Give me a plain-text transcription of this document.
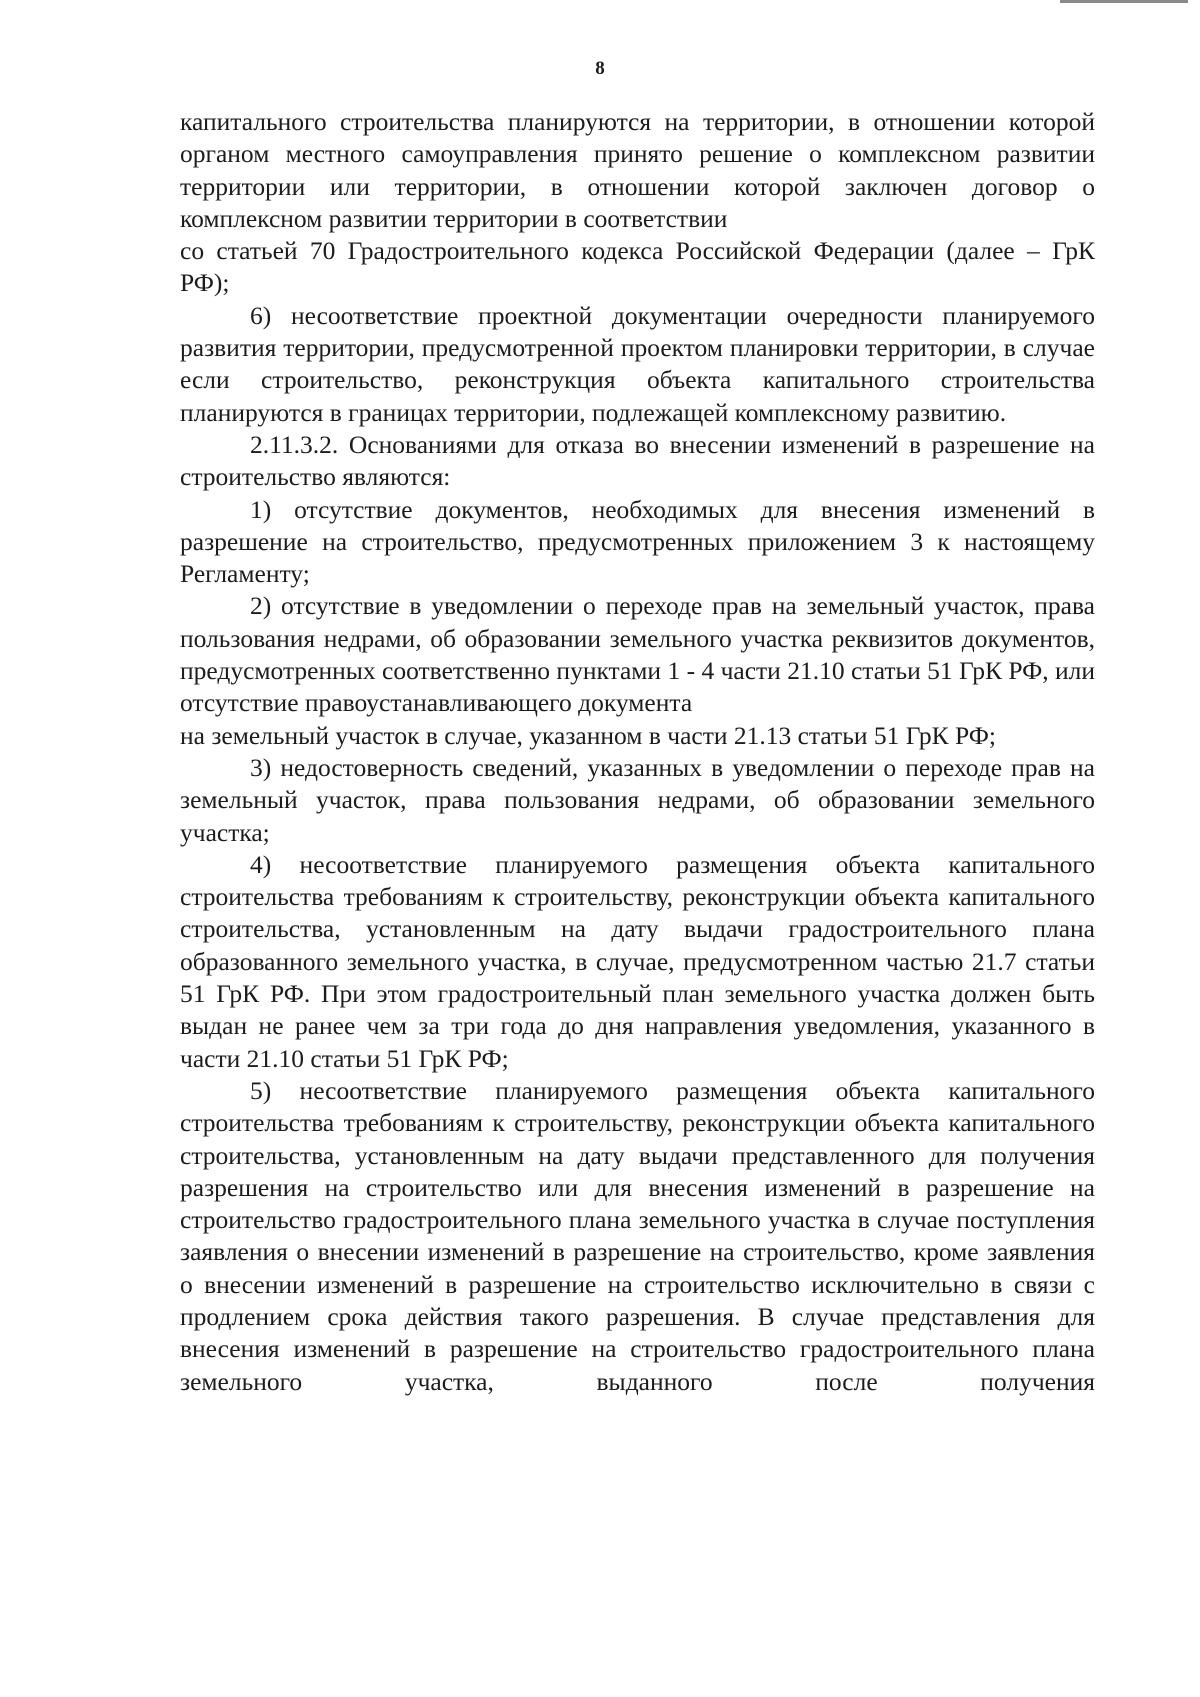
8

капитального строительства планируются на территории, в отношении которой органом местного самоуправления принято решение о комплексном развитии территории или территории, в отношении которой заключен договор о комплексном развитии территории в соответствии

со статьей 70 Градостроительного кодекса Российской Федерации (далее – ГрК РФ);

6) несоответствие проектной документации очередности планируемого развития территории, предусмотренной проектом планировки территории, в случае если строительство, реконструкция объекта капитального строительства планируются в границах территории, подлежащей комплексному развитию.

2.11.3.2. Основаниями для отказа во внесении изменений в разрешение на строительство являются:

1) отсутствие документов, необходимых для внесения изменений в разрешение на строительство, предусмотренных приложением 3 к настоящему Регламенту;

2) отсутствие в уведомлении о переходе прав на земельный участок, права пользования недрами, об образовании земельного участка реквизитов документов, предусмотренных соответственно пунктами 1 - 4 части 21.10 статьи 51 ГрК РФ, или отсутствие правоустанавливающего документа

на земельный участок в случае, указанном в части 21.13 статьи 51 ГрК РФ;

3) недостоверность сведений, указанных в уведомлении о переходе прав на земельный участок, права пользования недрами, об образовании земельного участка;

4) несоответствие планируемого размещения объекта капитального строительства требованиям к строительству, реконструкции объекта капитального строительства, установленным на дату выдачи градостроительного плана образованного земельного участка, в случае, предусмотренном частью 21.7 статьи 51 ГрК РФ. При этом градостроительный план земельного участка должен быть выдан не ранее чем за три года до дня направления уведомления, указанного в части 21.10 статьи 51 ГрК РФ;

5) несоответствие планируемого размещения объекта капитального строительства требованиям к строительству, реконструкции объекта капитального строительства, установленным на дату выдачи представленного для получения разрешения на строительство или для внесения изменений в разрешение на строительство градостроительного плана земельного участка в случае поступления заявления о внесении изменений в разрешение на строительство, кроме заявления о внесении изменений в разрешение на строительство исключительно в связи с продлением срока действия такого разрешения. В случае представления для внесения изменений в разрешение на строительство градостроительного плана земельного участка, выданного после получения
